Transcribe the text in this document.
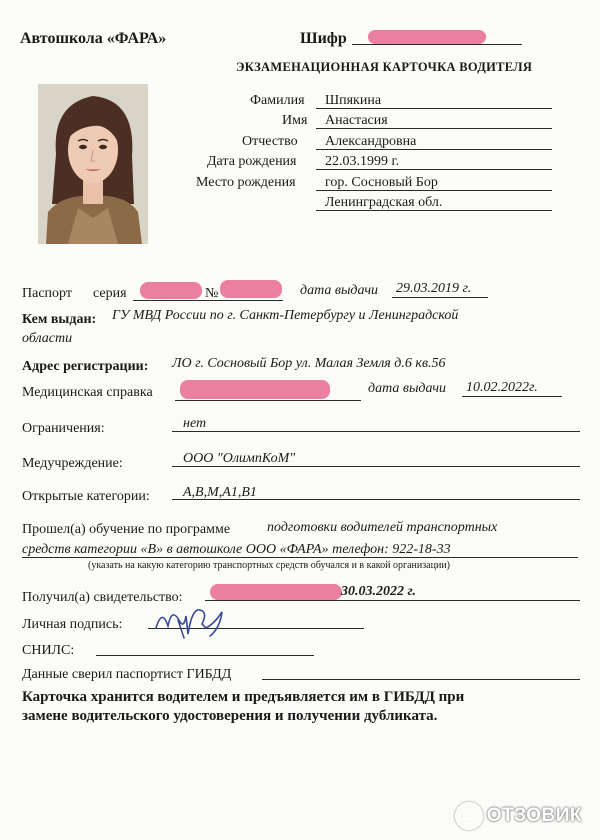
Автошкола «ФАРА»	Шифр
ЭКЗАМЕНАЦИОННАЯ КАРТОЧКА ВОДИТЕЛЯ
Фамилия Шпякина
Имя Анастасия
Отчество Александровна
Дата рождения 22.03.1999 г.
Место рождения гор. Сосновый Бор
Ленинградская обл.
Паспорт серия	№	дата выдачи 29.03.2019 г.
Кем выдан: ГУ МВД России по г. Санкт-Петербургу и Ленинградской
области
Адрес регистрации: ЛО г. Сосновый Бор ул. Малая Земля д.6 кв.56
Медицинская справка	дата выдачи 10.02.2022г.
Ограничения:	нет
Медучреждение:	ООО "ОлимпКоМ"
Открытые категории: A,B,M,A1,B1
Прошел(а) обучение по программе	подготовки водителей транспортных
средств категории «B» в автошколе ООО «ФАРА» телефон: 922-18-33
(указать на какую категорию транспортных средств обучался и в какой организации)
Получил(а) свидетельство:	30.03.2022 г.
Личная подпись:
СНИЛС:
Данные сверил паспортист ГИБДД
Карточка хранится водителем и предъявляется им в ГИБДД при
замене водительского удостоверения и получении дубликата.
ОТЗОВИК
